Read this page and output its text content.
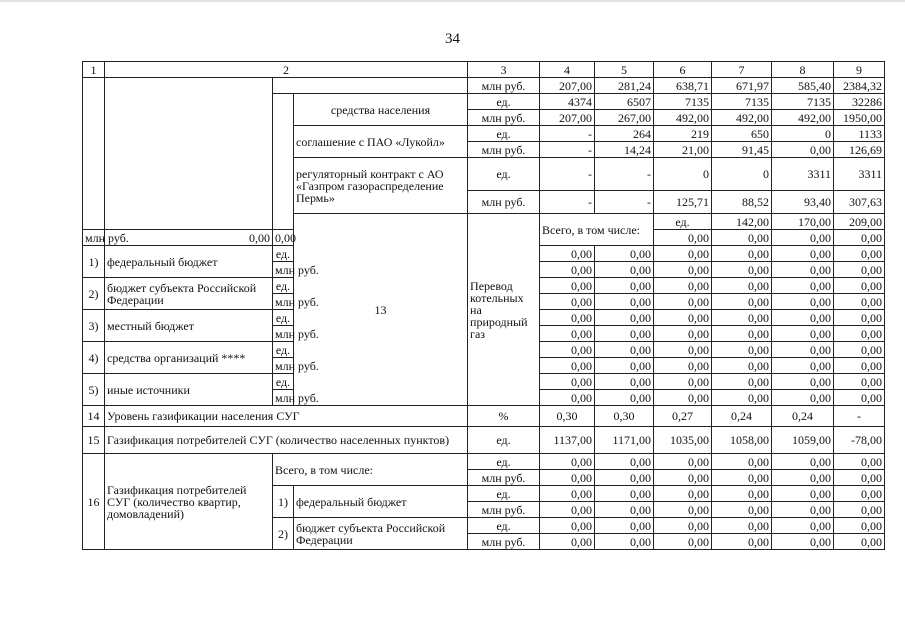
34
1	2			3	4	5	6	7	8	9	
				млн руб.	207,00	281,24	638,71	671,97	585,40	2384,32	
			средства населения	ед.	4374	6507	7135	7135	7135	32286	
				млн руб.	207,00	267,00	492,00	492,00	492,00	1950,00	
			соглашение с ПАО «Лукойл»	ед.	-	264	219	650	0	1133	
				млн руб.	-	14,24	21,00	91,45	0,00	126,69	
			регуляторный контракт с АО «Газпром газораспределение Пермь»	ед.	-	-	0	0	3311	3311	
				млн руб.	-	-	125,71	88,52	93,40	307,63	
			13	Перевод котельных на природный газ	Всего, в том числе:		ед.	142,00	170,00	209,00			
млн руб.	0,00	0,00					0,00	0,00	0,00	0,00	
1)	федеральный бюджет	ед.			0,00	0,00	0,00	0,00	0,00	0,00	
		млн руб.			0,00	0,00	0,00	0,00	0,00	0,00	
2)	бюджет субъекта Российской Федерации	ед.			0,00	0,00	0,00	0,00	0,00	0,00	
		млн руб.			0,00	0,00	0,00	0,00	0,00	0,00	
3)	местный бюджет	ед.			0,00	0,00	0,00	0,00	0,00	0,00	
		млн руб.			0,00	0,00	0,00	0,00	0,00	0,00	
4)	средства организаций ****	ед.			0,00	0,00	0,00	0,00	0,00	0,00	
		млн руб.			0,00	0,00	0,00	0,00	0,00	0,00	
5)	иные источники	ед.			0,00	0,00	0,00	0,00	0,00	0,00	
		млн руб.			0,00	0,00	0,00	0,00	0,00	0,00	
14	Уровень газификации населения СУГ			%	0,30	0,30	0,27	0,24	0,24	-	
15	Газификация потребителей СУГ (количество населенных пунктов)			ед.	1137,00	1171,00	1035,00	1058,00	1059,00	-78,00	
16	Газификация потребителей СУГ (количество квартир, домовладений)	Всего, в том числе:		ед.	0,00	0,00	0,00	0,00	0,00	0,00	
				млн руб.	0,00	0,00	0,00	0,00	0,00	0,00	
		1)	федеральный бюджет	ед.	0,00	0,00	0,00	0,00	0,00	0,00	
				млн руб.	0,00	0,00	0,00	0,00	0,00	0,00	
		2)	бюджет субъекта Российской Федерации	ед.	0,00	0,00	0,00	0,00	0,00	0,00	
				млн руб.	0,00	0,00	0,00	0,00	0,00	0,00	
